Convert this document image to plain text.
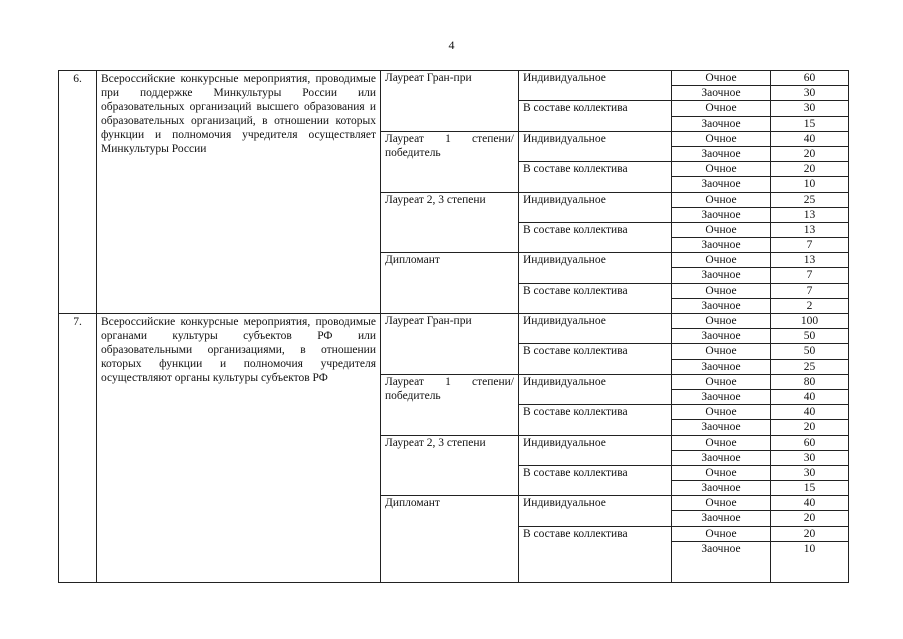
4
6.	Всероссийские конкурсные мероприятия, проводимые при поддержке Минкультуры России или образовательных организаций высшего образования и образовательных организаций, в отношении которых функции и полномочия учредителя осуществляет Минкультуры России	Лауреат Гран-при	Индивидуальное	Очное	60
				Заочное	30
			В составе коллектива	Очное	30
				Заочное	15
		Лауреат 1 степени/ победитель	Индивидуальное	Очное	40
				Заочное	20
			В составе коллектива	Очное	20
				Заочное	10
		Лауреат 2, 3 степени	Индивидуальное	Очное	25
				Заочное	13
			В составе коллектива	Очное	13
				Заочное	7
		Дипломант	Индивидуальное	Очное	13
				Заочное	7
			В составе коллектива	Очное	7
				Заочное	2
7.	Всероссийские конкурсные мероприятия, проводимые органами культуры субъектов РФ или образовательными организациями, в отношении которых функции и полномочия учредителя осуществляют органы культуры субъектов РФ	Лауреат Гран-при	Индивидуальное	Очное	100
				Заочное	50
			В составе коллектива	Очное	50
				Заочное	25
		Лауреат 1 степени/ победитель	Индивидуальное	Очное	80
				Заочное	40
			В составе коллектива	Очное	40
				Заочное	20
		Лауреат 2, 3 степени	Индивидуальное	Очное	60
				Заочное	30
			В составе коллектива	Очное	30
				Заочное	15
		Дипломант	Индивидуальное	Очное	40
				Заочное	20
			В составе коллектива	Очное	20
				Заочное	10
